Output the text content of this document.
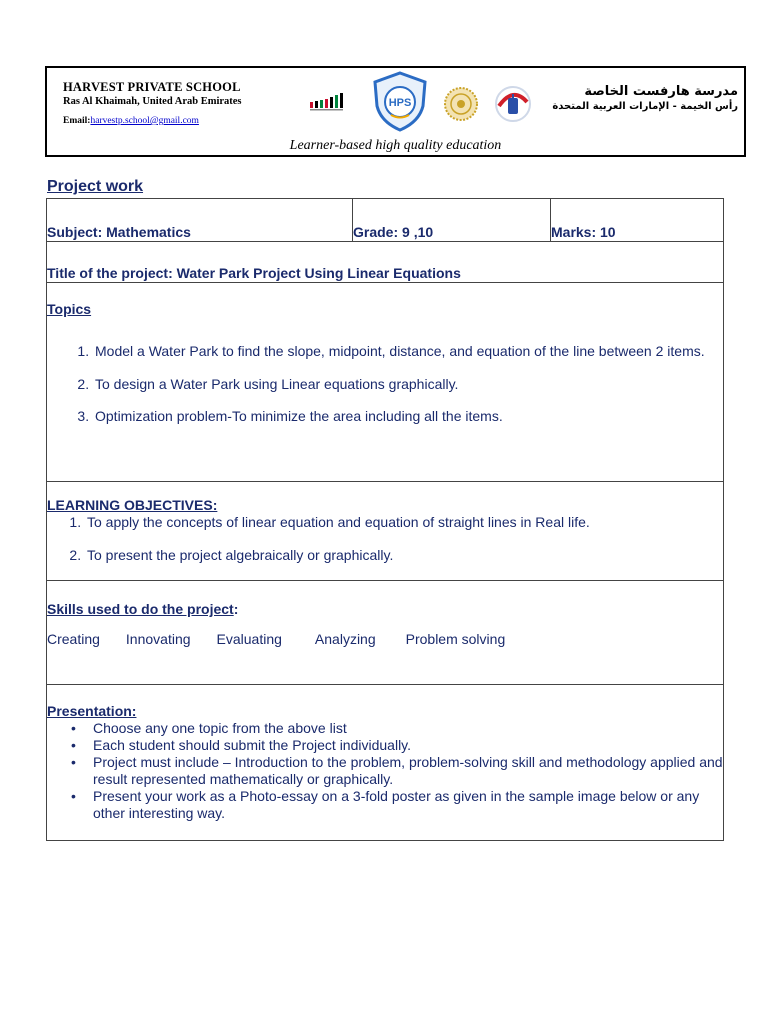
HARVEST PRIVATE SCHOOL
Ras Al Khaimah, United Arab Emirates
Email:harvestp.school@gmail.com
HPS
مدرسة هارفست الخاصة
رأس الخيمة - الإمارات العربية المتحدة
Learner-based high quality education
Project work
Subject: Mathematics	Grade: 9 ,10	Marks: 10
Title of the project: Water Park Project Using Linear Equations

Topics
1. Model a Water Park to find the slope, midpoint, distance, and equation of the line between 2 items.
2. To design a Water Park using Linear equations graphically.
3. Optimization problem-To minimize the area including all the items.

LEARNING OBJECTIVES:
1. To apply the concepts of linear equation and equation of straight lines in Real life.
2. To present the project algebraically or graphically.

Skills used to do the project:
Creating Innovating Evaluating Analyzing Problem solving

Presentation:
• Choose any one topic from the above list
• Each student should submit the Project individually.
• Project must include – Introduction to the problem, problem-solving skill and methodology applied and result represented mathematically or graphically.
• Present your work as a Photo-essay on a 3-fold poster as given in the sample image below or any other interesting way.
